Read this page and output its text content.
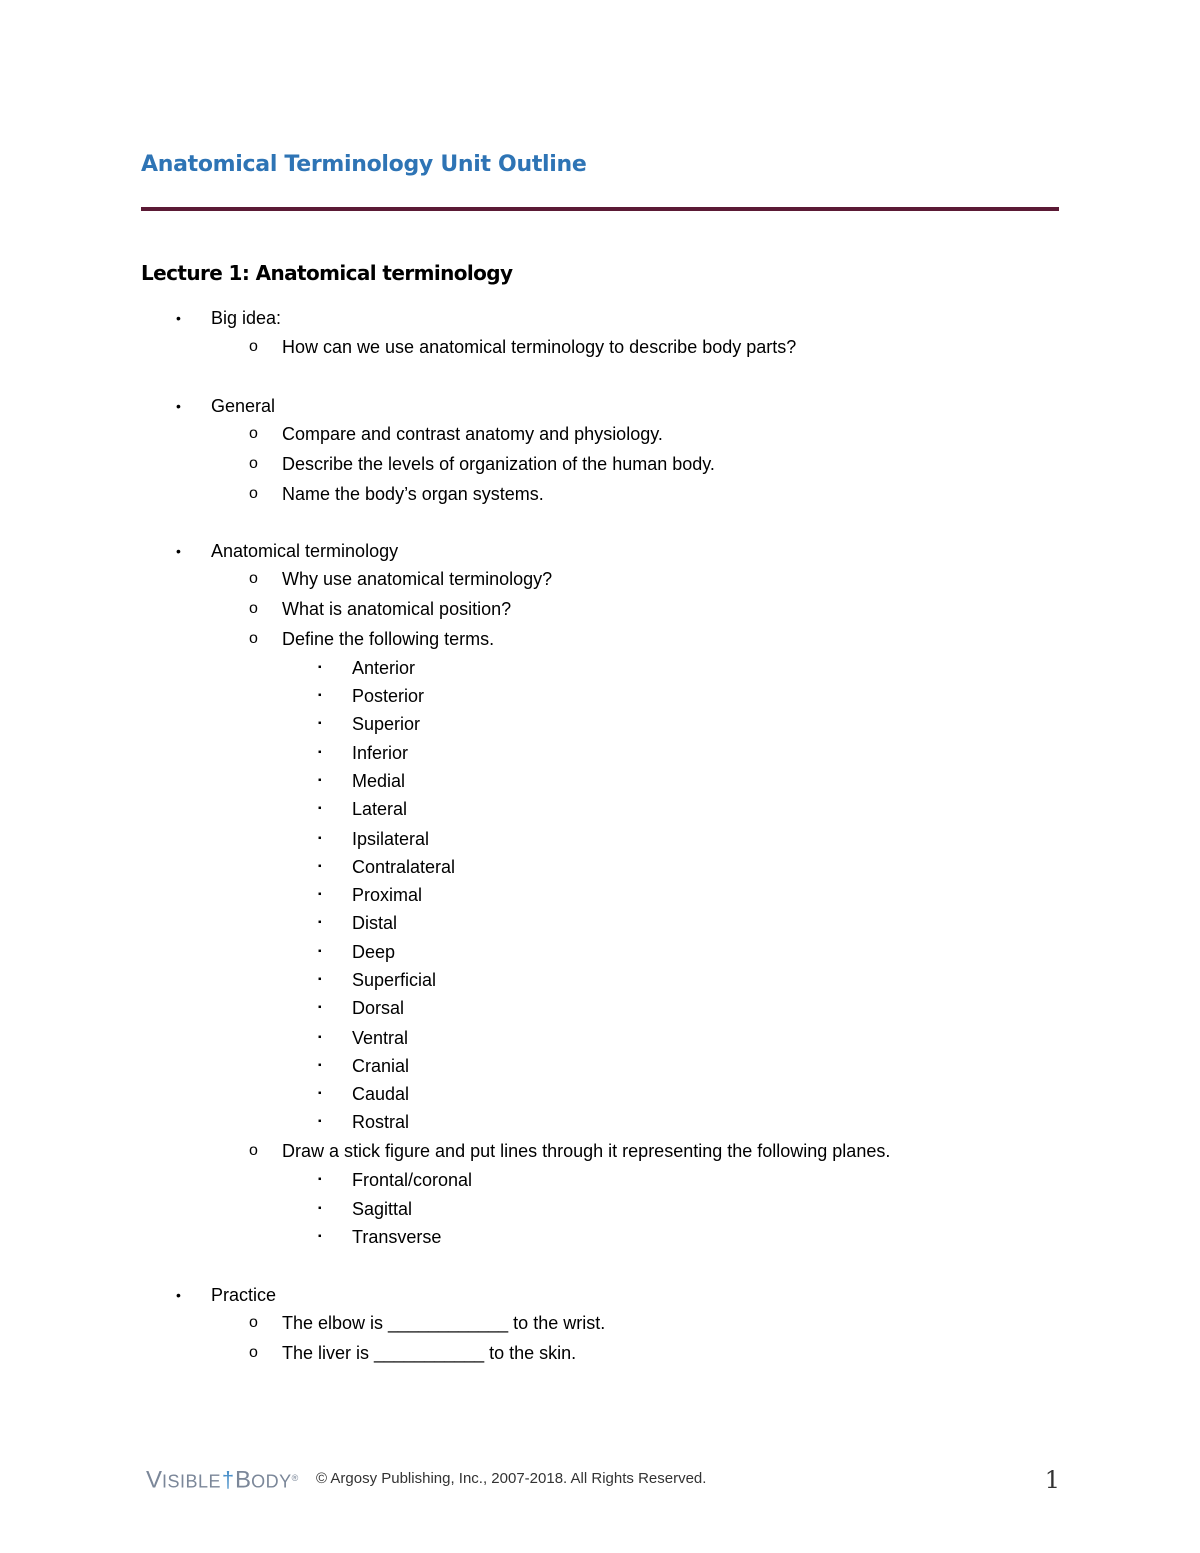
Anatomical Terminology Unit Outline
Lecture 1: Anatomical terminology
• Big idea:
o How can we use anatomical terminology to describe body parts?
• General
o Compare and contrast anatomy and physiology.
o Describe the levels of organization of the human body.
o Name the body’s organ systems.
• Anatomical terminology
o Why use anatomical terminology?
o What is anatomical position?
o Define the following terms.
▪ Anterior
▪ Posterior
▪ Superior
▪ Inferior
▪ Medial
▪ Lateral
▪ Ipsilateral
▪ Contralateral
▪ Proximal
▪ Distal
▪ Deep
▪ Superficial
▪ Dorsal
▪ Ventral
▪ Cranial
▪ Caudal
▪ Rostral
o Draw a stick figure and put lines through it representing the following planes.
▪ Frontal/coronal
▪ Sagittal
▪ Transverse
• Practice
o The elbow is ____________ to the wrist.
o The liver is ___________ to the skin.
VISIBLE†BODY® © Argosy Publishing, Inc., 2007-2018. All Rights Reserved.	1
